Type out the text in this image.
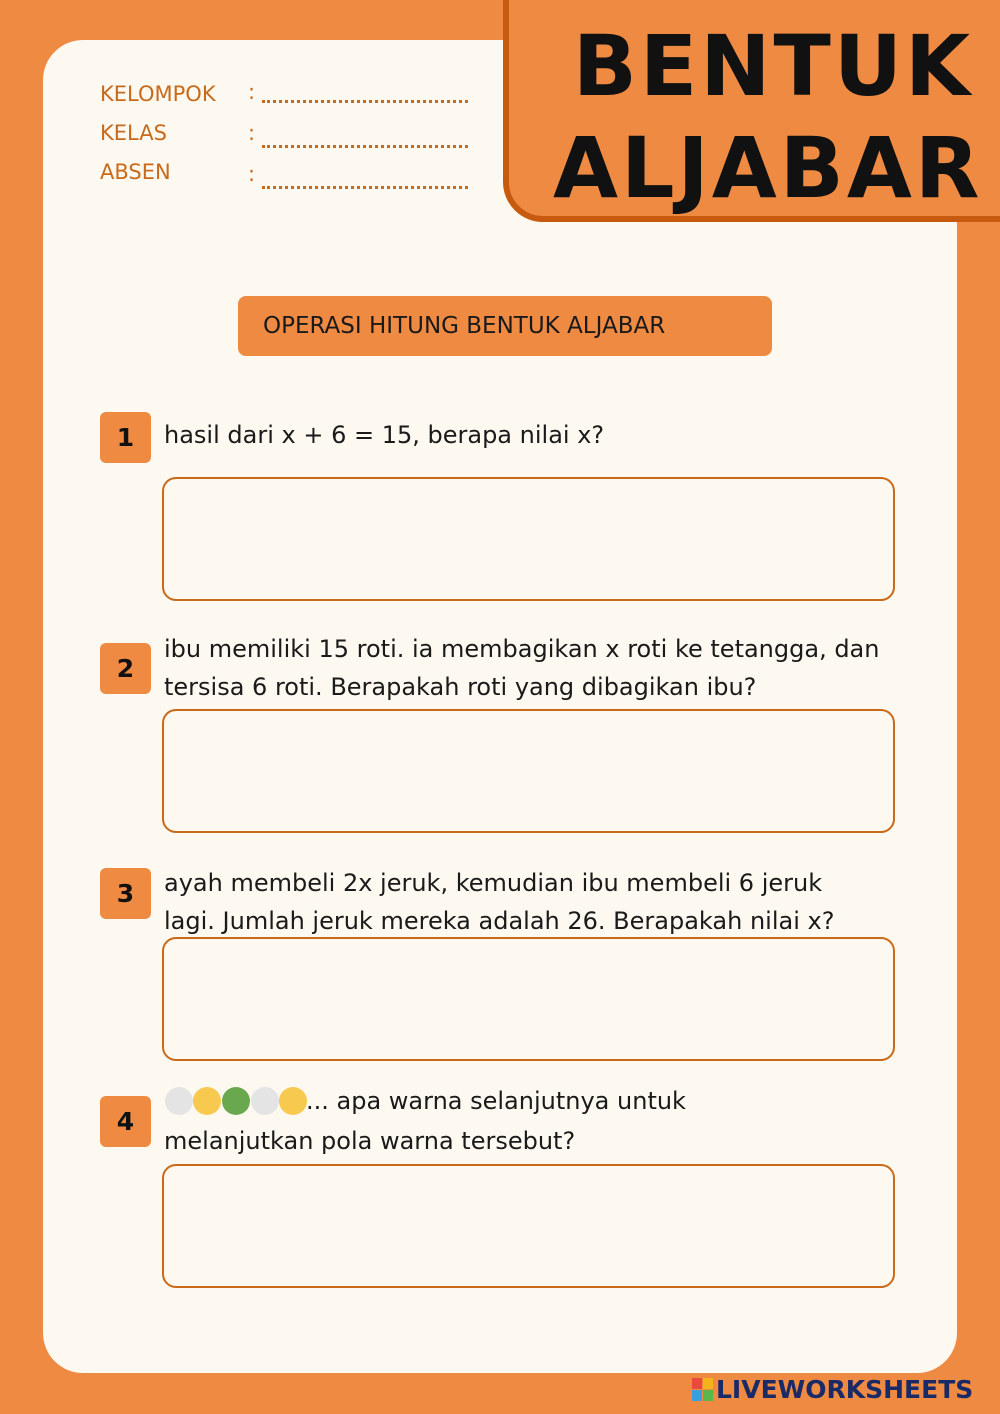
BENTUK
ALJABAR
KELOMPOK :
KELAS	:
ABSEN	:
OPERASI HITUNG BENTUK ALJABAR
1	hasil dari x + 6 = 15, berapa nilai x?
2
ibu memiliki 15 roti. ia membagikan x roti ke tetangga, dan
tersisa 6 roti. Berapakah roti yang dibagikan ibu?
3	ayah membeli 2x jeruk, kemudian ibu membeli 6 jeruk
lagi. Jumlah jeruk mereka adalah 26. Berapakah nilai x?
4
... apa warna selanjutnya untuk
melanjutkan pola warna tersebut?
LIVEWORKSHEETS
